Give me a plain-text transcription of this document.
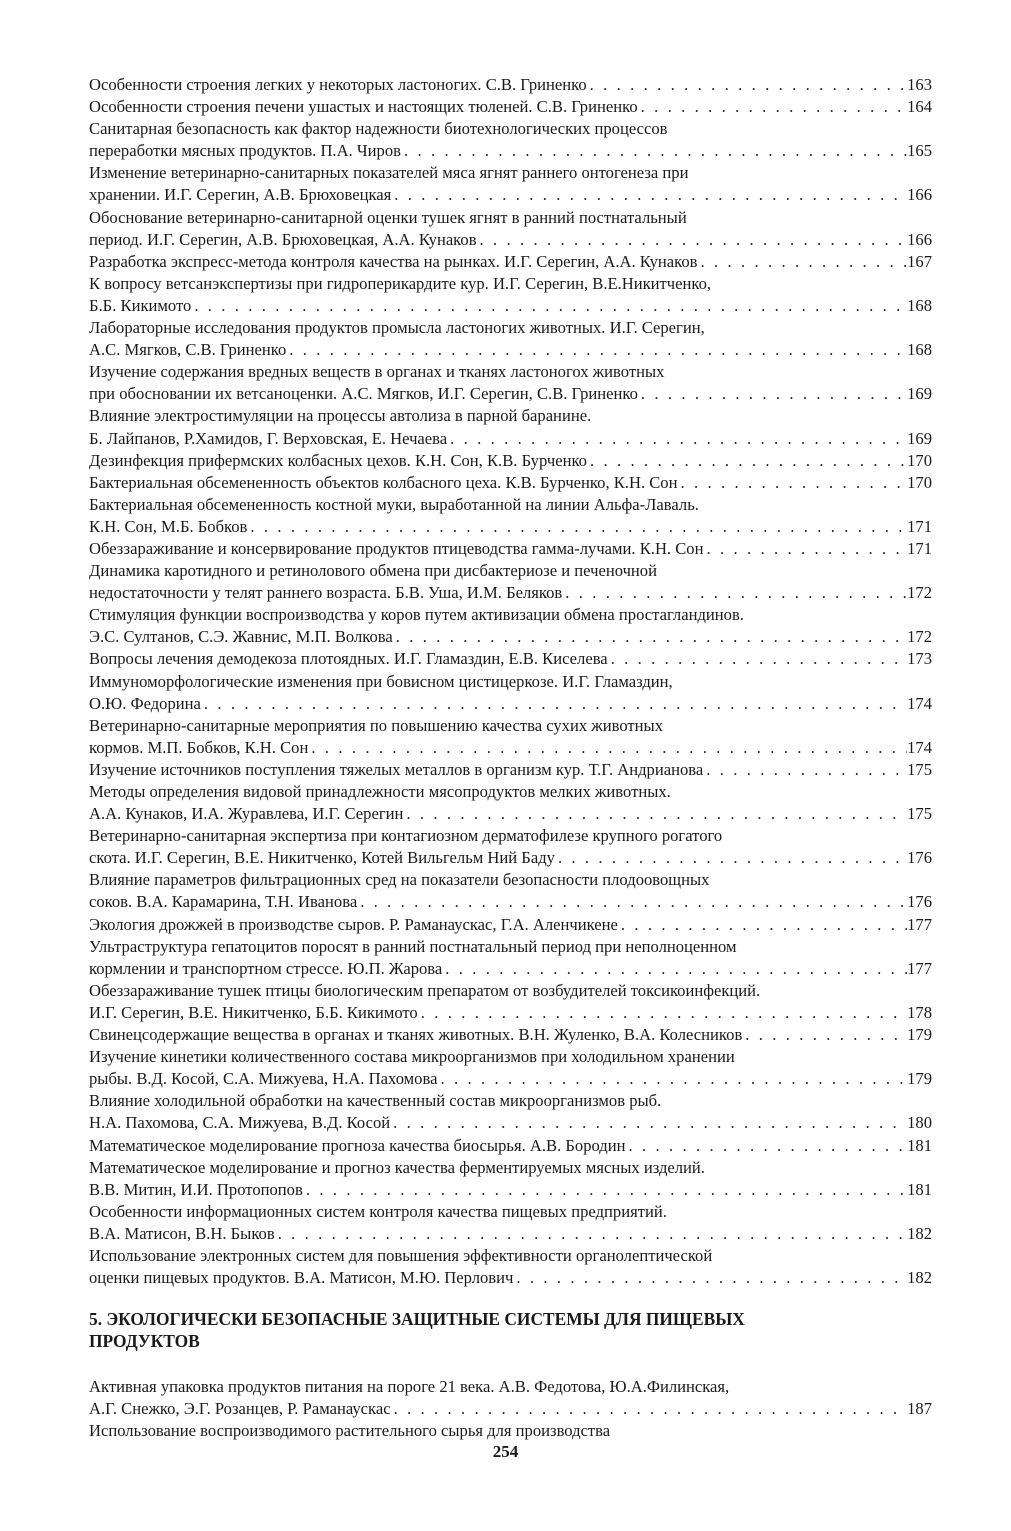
Особенности строения легких у некоторых ластоногих. С.В. Гриненко . . .	163
Особенности строения печени ушастых и настоящих тюленей. С.В. Гриненко . . .	164
Санитарная безопасность как фактор надежности биотехнологических процессов
переработки мясных продуктов. П.А. Чиров . . .	165
Изменение ветеринарно-санитарных показателей мяса ягнят раннего онтогенеза при
хранении. И.Г. Серегин, А.В. Брюховецкая . . .	166
Обоснование ветеринарно-санитарной оценки тушек ягнят в ранний постнатальный
период. И.Г. Серегин, А.В. Брюховецкая, А.А. Кунаков . . .	166
Разработка экспресс-метода контроля качества на рынках. И.Г. Серегин, А.А. Кунаков . . .	167
К вопросу ветсанэкспертизы при гидроперикардите кур. И.Г. Серегин, В.Е.Никитченко,
Б.Б. Кикимото . . .	168
Лабораторные исследования продуктов промысла ластоногих животных. И.Г. Серегин,
А.С. Мягков, С.В. Гриненко . . .	168
Изучение содержания вредных веществ в органах и тканях ластоногох животных
при обосновании их ветсаноценки. А.С. Мягков, И.Г. Серегин, С.В. Гриненко . . .	169
Влияние электростимуляции на процессы автолиза в парной баранине.
Б. Лайпанов, Р.Хамидов, Г. Верховская, Е. Нечаева . . .	169
Дезинфекция прифермских колбасных цехов. К.Н. Сон, К.В. Бурченко . . .	170
Бактериальная обсемененность объектов колбасного цеха. К.В. Бурченко, К.Н. Сон . . .	170
Бактериальная обсемененность костной муки, выработанной на линии Альфа-Лаваль.
К.Н. Сон, М.Б. Бобков . . .	171
Обеззараживание и консервирование продуктов птицеводства гамма-лучами. К.Н. Сон . . .	171
Динамика каротидного и ретинолового обмена при дисбактериозе и печеночной
недостаточности у телят раннего возраста. Б.В. Уша, И.М. Беляков . . .	172
Стимуляция функции воспроизводства у коров путем активизации обмена простагландинов.
Э.С. Султанов, С.Э. Жавнис, М.П. Волкова . . .	172
Вопросы лечения демодекоза плотоядных. И.Г. Гламаздин, Е.В. Киселева . . .	173
Иммуноморфологические изменения при бовисном цистицеркозе. И.Г. Гламаздин,
О.Ю. Федорина . . .	174
Ветеринарно-санитарные мероприятия по повышению качества сухих животных
кормов. М.П. Бобков, К.Н. Сон . . .	174
Изучение источников поступления тяжелых металлов в организм кур. Т.Г. Андрианова . . .	175
Методы определения видовой принадлежности мясопродуктов мелких животных.
А.А. Кунаков, И.А. Журавлева, И.Г. Серегин . . .	175
Ветеринарно-санитарная экспертиза при контагиозном дерматофилезе крупного рогатого
скота. И.Г. Серегин, В.Е. Никитченко, Котей Вильгельм Ний Баду . . .	176
Влияние параметров фильтрационных сред на показатели безопасности плодоовощных
соков. В.А. Карамарина, Т.Н. Иванова . . .	176
Экология дрожжей в производстве сыров. Р. Раманаускас, Г.А. Аленчикене . . .	177
Ультраструктура гепатоцитов поросят в ранний постнатальный период при неполноценном
кормлении и транспортном стрессе. Ю.П. Жарова . . .	177
Обеззараживание тушек птицы биологическим препаратом от возбудителей токсикоинфекций.
И.Г. Серегин, В.Е. Никитченко, Б.Б. Кикимото . . .	178
Свинецсодержащие вещества в органах и тканях животных. В.Н. Жуленко, В.А. Колесников . . .	179
Изучение кинетики количественного состава микроорганизмов при холодильном хранении
рыбы. В.Д. Косой, С.А. Мижуева, Н.А. Пахомова . . .	179
Влияние холодильной обработки на качественный состав микроорганизмов рыб.
Н.А. Пахомова, С.А. Мижуева, В.Д. Косой . . .	180
Математическое моделирование прогноза качества биосырья. А.В. Бородин . . .	181
Математическое моделирование и прогноз качества ферментируемых мясных изделий.
В.В. Митин, И.И. Протопопов . . .	181
Особенности информационных систем контроля качества пищевых предприятий.
В.А. Матисон, В.Н. Быков . . .	182
Использование электронных систем для повышения эффективности органолептической
оценки пищевых продуктов. В.А. Матисон, М.Ю. Перлович . . .	182
5. ЭКОЛОГИЧЕСКИ БЕЗОПАСНЫЕ ЗАЩИТНЫЕ СИСТЕМЫ ДЛЯ ПИЩЕВЫХ
ПРОДУКТОВ
Активная упаковка продуктов питания на пороге 21 века. А.В. Федотова, Ю.А.Филинская,
А.Г. Снежко, Э.Г. Розанцев, Р. Раманаускас . . .	187
Использование воспроизводимого растительного сырья для производства
254
